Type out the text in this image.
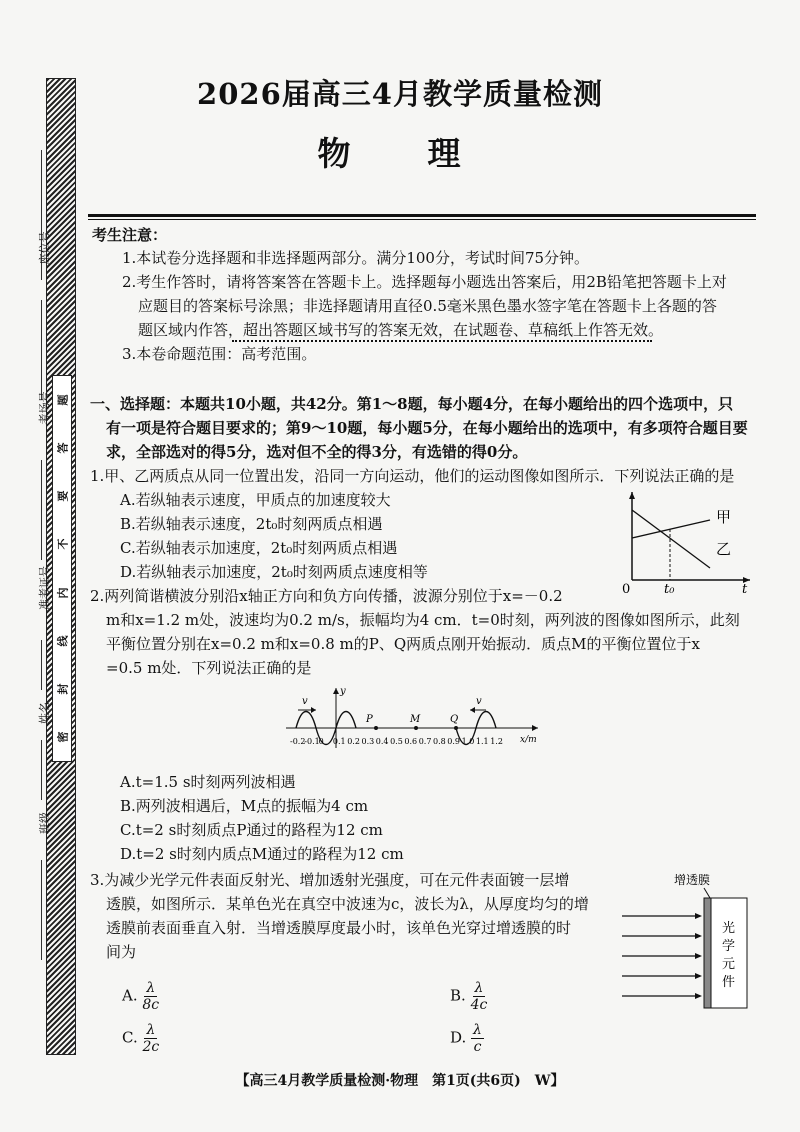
题
答
要
不
内
线
封
密
座位号
考场号
准考证号
姓名
班级
2026届高三4月教学质量检测
物　理
考生注意：
1.本试卷分选择题和非选择题两部分。满分100分，考试时间75分钟。
2.考生作答时，请将答案答在答题卡上。选择题每小题选出答案后，用2B铅笔把答题卡上对
应题目的答案标号涂黑；非选择题请用直径0.5毫米黑色墨水签字笔在答题卡上各题的答
题区域内作答，超出答题区域书写的答案无效，在试题卷、草稿纸上作答无效。
3.本卷命题范围：高考范围。
一、选择题：本题共10小题，共42分。第1～8题，每小题4分，在每小题给出的四个选项中，只
有一项是符合题目要求的；第9～10题，每小题5分，在每小题给出的选项中，有多项符合题目要
求，全部选对的得5分，选对但不全的得3分，有选错的得0分。
1.甲、乙两质点从同一位置出发，沿同一方向运动，他们的运动图像如图所示．下列说法正确的是
A.若纵轴表示速度，甲质点的加速度较大
B.若纵轴表示速度，2t₀时刻两质点相遇
C.若纵轴表示加速度，2t₀时刻两质点相遇
D.若纵轴表示加速度，2t₀时刻两质点速度相等
甲
乙
0	t₀	t
2.两列简谐横波分别沿x轴正方向和负方向传播，波源分别位于x=－0.2
m和x=1.2 m处，波速均为0.2 m/s，振幅均为4 cm．t=0时刻，两列波的图像如图所示，此刻
平衡位置分别在x=0.2 m和x=0.8 m的P、Q两质点刚开始振动．质点M的平衡位置位于x
=0.5 m处．下列说法正确的是
v	v
P	M	Q
y
x/m
-0.2
-0.1
0 0.1 0.2 0.3 0.4 0.5 0.6 0.7 0.8 0.9 1.0 1.1 1.2
A.t=1.5 s时刻两列波相遇
B.两列波相遇后，M点的振幅为4 cm
C.t=2 s时刻质点P通过的路程为12 cm
D.t=2 s时刻内质点M通过的路程为12 cm
3.为减少光学元件表面反射光、增加透射光强度，可在元件表面镀一层增
透膜，如图所示．某单色光在真空中波速为c，波长为λ，从厚度均匀的增
透膜前表面垂直入射．当增透膜厚度最小时，该单色光穿过增透膜的时
间为
增透膜
光
学
元
件
A. $\frac{\lambda}{8c}$	B. $\frac{\lambda}{4c}$
C. $\frac{\lambda}{2c}$	D. $\frac{\lambda}{c}$
【高三4月教学质量检测·物理　第1页(共6页)　W】
